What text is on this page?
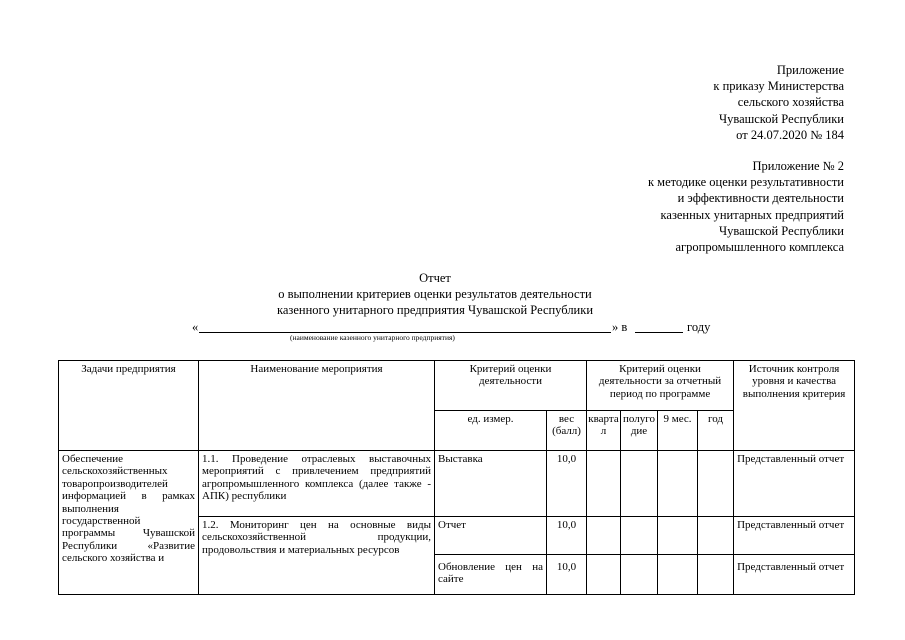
Приложение
к приказу Министерства
сельского хозяйства
Чувашской Республики
от 24.07.2020 № 184
Приложение № 2
к методике оценки результативности
и эффективности деятельности
казенных унитарных предприятий
Чувашской Республики
агропромышленного комплекса
Отчет
о выполнении критериев оценки результатов деятельности
казенного унитарного предприятия Чувашской Республики
«	» в	году
(наименование казенного унитарного предприятия)
Задачи предприятия	Наименование мероприятия	Критерий оценки деятельности		Критерий оценки деятельности за отчетный период по программе				Источник контроля уровня и качества выполнения критерия
		ед. измер.	вес (балл)	квартал	полугодие	9 мес.	год	
Обеспечение сельскохозяйственных товаропроизводителей информацией в рамках выполнения государственной программы Чувашской Республики «Развитие сельского хозяйства и	1.1. Проведение отраслевых выставочных мероприятий с привлечением предприятий агропромышленного комплекса (далее также - АПК) республики	Выставка	10,0					Представленный отчет
	1.2. Мониторинг цен на основные виды сельскохозяйственной продукции, продовольствия и материальных ресурсов	Отчет	10,0					Представленный отчет
		Обновление цен на сайте	10,0					Представленный отчет
